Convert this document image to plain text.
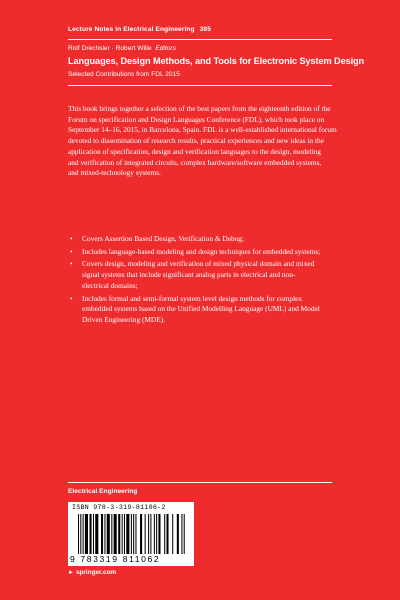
Lecture Notes in Electrical Engineering 385
Rolf Drechsler · Robert Wille Editors
Languages, Design Methods, and Tools for Electronic System Design
Selected Contributions from FDL 2015
This book brings together a selection of the best papers from the eighteenth edition of the
Forum on specification and Design Languages Conference (FDL), which took place on
September 14–16, 2015, in Barcelona, Spain. FDL is a well-established international forum
devoted to dissemination of research results, practical experiences and new ideas in the
application of specification, design and verification languages to the design, modeling
and verification of integrated circuits, complex hardware/software embedded systems,
and mixed-technology systems.
• Covers Assertion Based Design, Verification & Debug;
• Includes language-based modeling and design techniques for embedded systems;
• Covers design, modeling and verification of mixed physical domain and mixed
signal systems that include significant analog parts in electrical and non-
electrical domains;
• Includes formal and semi-formal system level design methods for complex
embedded systems based on the Unified Modelling Language (UML) and Model
Driven Engineering (MDE).
Electrical Engineering
ISBN 978-3-319-81106-2
9 783319 811062
► springer.com
